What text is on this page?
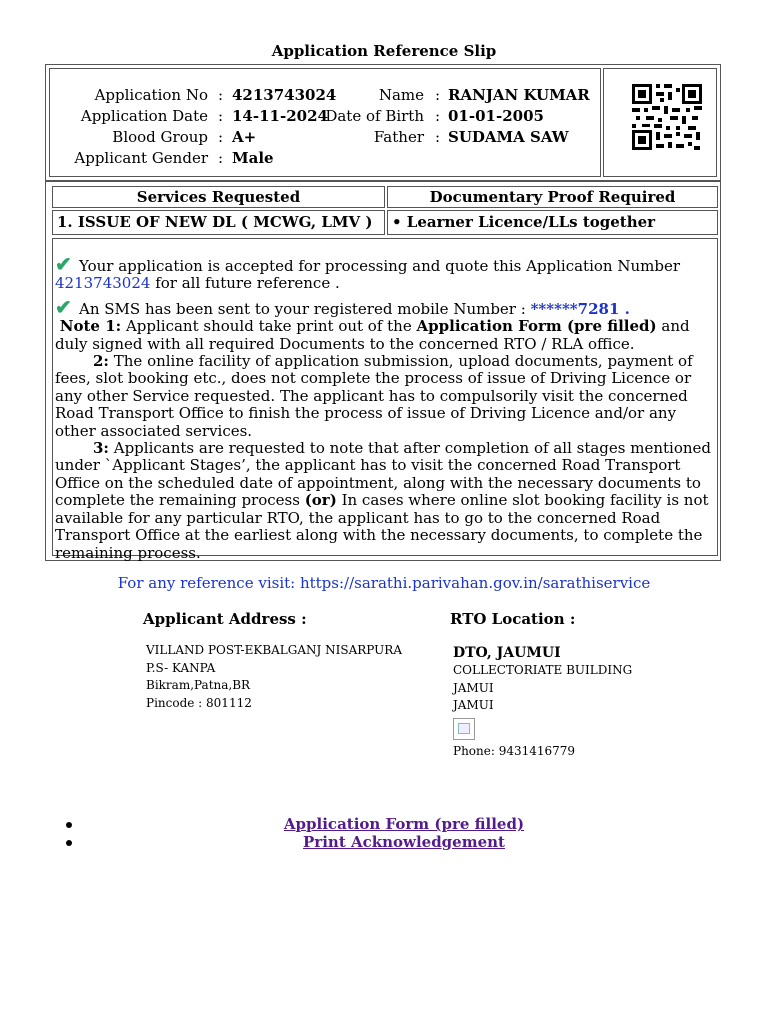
Application Reference Slip
Application No : 4213743024	Name : RANJAN KUMAR
Application Date : 14-11-2024
Date of Birth : 01-01-2005
Blood Group : A+	Father : SUDAMA SAW
Applicant Gender : Male
Services Requested	Documentary Proof Required
1. ISSUE OF NEW DL ( MCWG, LMV )	• Learner Licence/LLs together

✔ Your application is accepted for processing and quote this Application Number
4213743024 for all future reference .

✔ An SMS has been sent to your registered mobile Number : ******7281 .

Note 1: Applicant should take print out of the Application Form (pre filled) and duly signed with all required Documents to the concerned RTO / RLA office.

2: The online facility of application submission, upload documents, payment of fees, slot booking etc., does not complete the process of issue of Driving Licence or any other Service requested. The applicant has to compulsorily visit the concerned Road Transport Office to finish the process of issue of Driving Licence and/or any other associated services.

3: Applicants are requested to note that after completion of all stages mentioned under `Applicant Stages’, the applicant has to visit the concerned Road Transport Office on the scheduled date of appointment, along with the necessary documents to complete the remaining process (or) In cases where online slot booking facility is not available for any particular RTO, the applicant has to go to the concerned Road Transport Office at the earliest along with the necessary documents, to complete the remaining process.

For any reference visit: https://sarathi.parivahan.gov.in/sarathiservice
Applicant Address :	RTO Location :
VILLAND POST-EKBALGANJ NISARPURA
P.S- KANPA
Bikram,Patna,BR
Pincode : 801112
DTO, JAUMUI
COLLECTORIATE BUILDING
JAMUI
JAMUI
Phone: 9431416779
Application Form (pre filled)
Print Acknowledgement
